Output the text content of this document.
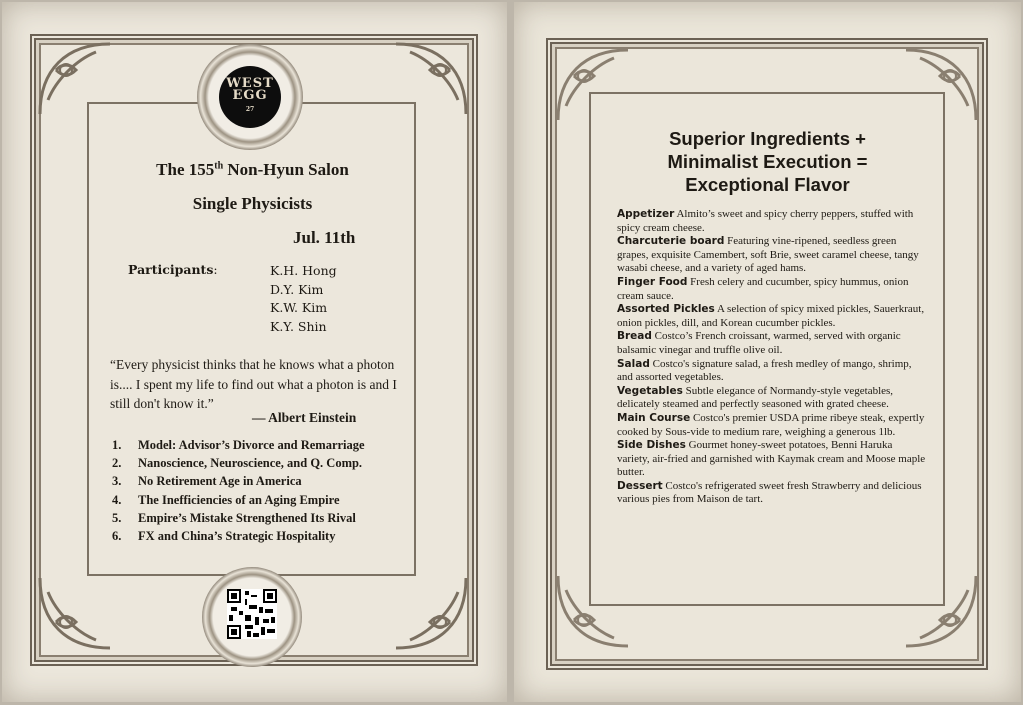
WEST
EGG
27
The 155th Non-Hyun Salon
Single Physicists
Jul. 11th
Participants:	K.H. Hong
D.Y. Kim
K.W. Kim
K.Y. Shin
“Every physicist thinks that he knows what a photon is.... I spent my life to find out what a photon is and I still don't know it.”
— Albert Einstein
1. Model: Advisor’s Divorce and Remarriage
2. Nanoscience, Neuroscience, and Q. Comp.
3. No Retirement Age in America
4. The Inefficiencies of an Aging Empire
5. Empire’s Mistake Strengthened Its Rival
6. FX and China’s Strategic Hospitality
Superior Ingredients +
Minimalist Execution =
Exceptional Flavor

Appetizer Almito’s sweet and spicy cherry peppers, stuffed with spicy cream cheese.

Charcuterie board Featuring vine-ripened, seedless green grapes, exquisite Camembert, soft Brie, sweet caramel cheese, tangy wasabi cheese, and a variety of aged hams.

Finger Food Fresh celery and cucumber, spicy hummus, onion cream sauce.

Assorted Pickles A selection of spicy mixed pickles, Sauerkraut, onion pickles, dill, and Korean cucumber pickles.

Bread Costco’s French croissant, warmed, served with organic balsamic vinegar and truffle olive oil.

Salad Costco's signature salad, a fresh medley of mango, shrimp, and assorted vegetables.

Vegetables Subtle elegance of Normandy-style vegetables, delicately steamed and perfectly seasoned with grated cheese.

Main Course Costco's premier USDA prime ribeye steak, expertly cooked by Sous-vide to medium rare, weighing a generous 1lb.

Side Dishes Gourmet honey-sweet potatoes, Benni Haruka variety, air-fried and garnished with Kaymak cream and Moose maple butter.

Dessert Costco's refrigerated sweet fresh Strawberry and delicious various pies from Maison de tart.
